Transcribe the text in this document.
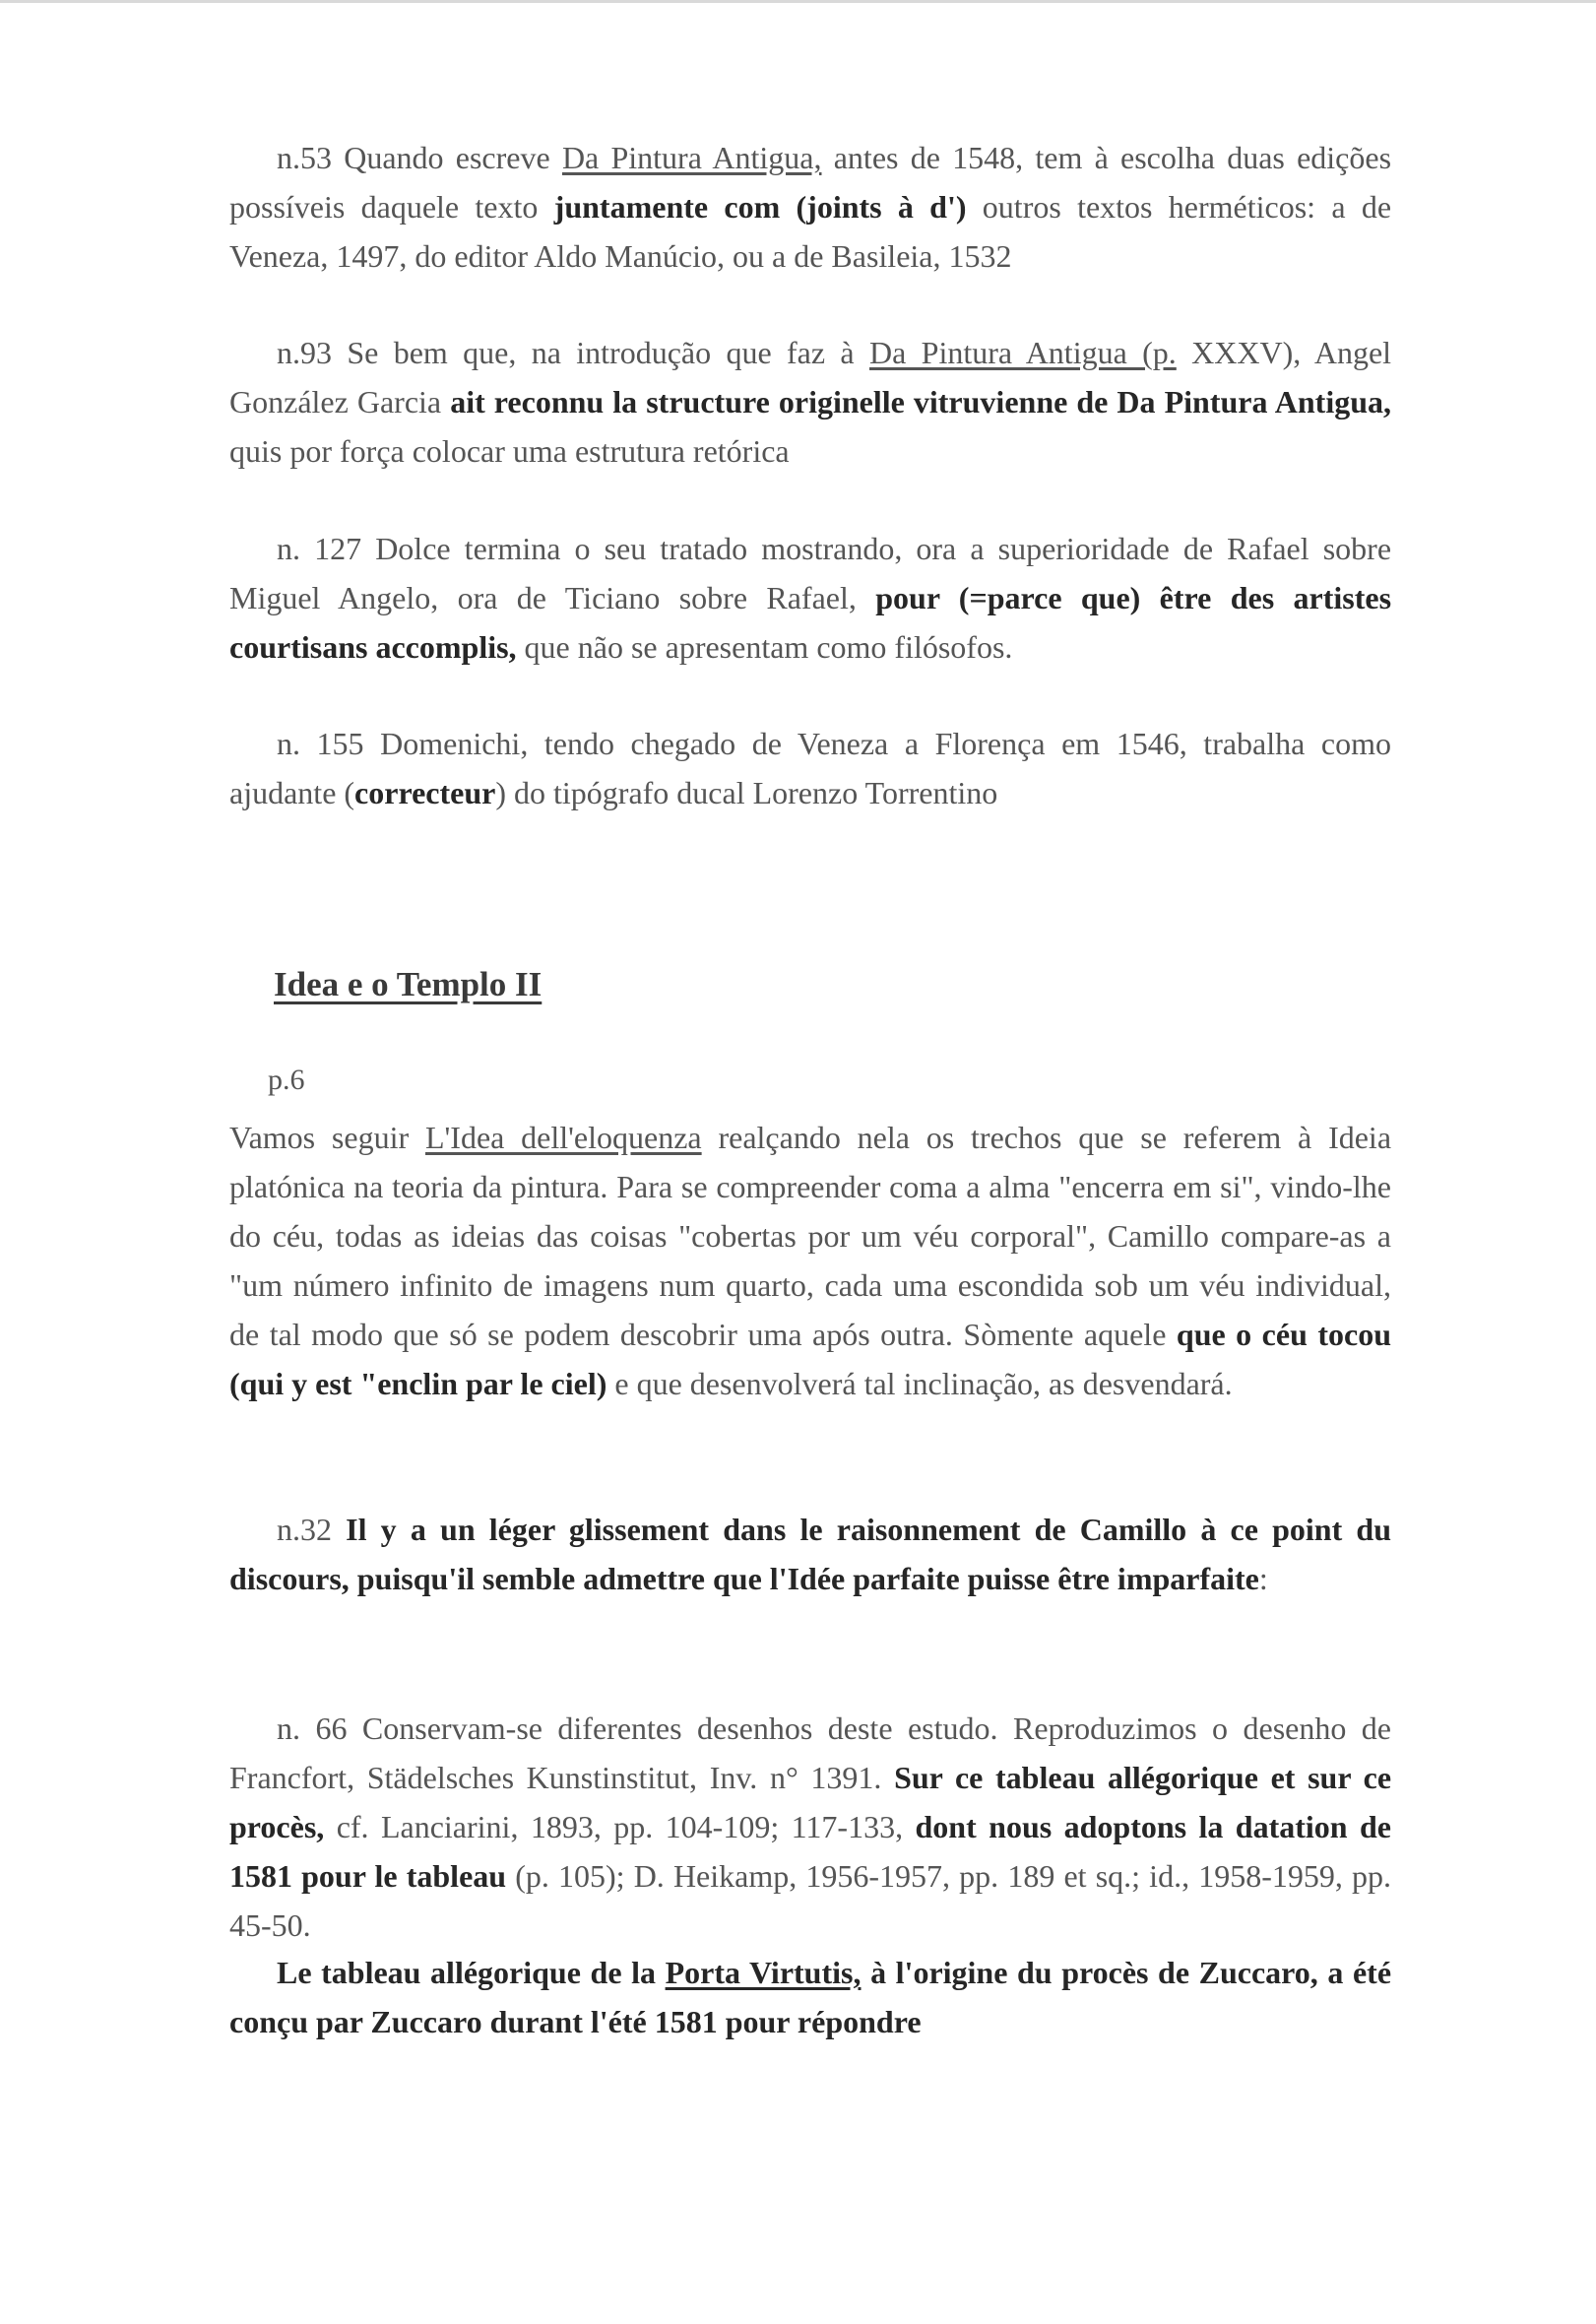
n.53 Quando escreve Da Pintura Antigua, antes de 1548, tem à escolha duas edições possíveis daquele texto juntamente com (joints à d') outros textos herméticos: a de Veneza, 1497, do editor Aldo Manúcio, ou a de Basileia, 1532

n.93 Se bem que, na introdução que faz à Da Pintura Antigua (p. XXXV), Angel González Garcia ait reconnu la structure originelle vitruvienne de Da Pintura Antigua, quis por força colocar uma estrutura retórica

n. 127 Dolce termina o seu tratado mostrando, ora a superioridade de Rafael sobre Miguel Angelo, ora de Ticiano sobre Rafael, pour (=parce que) être des artistes courtisans accomplis, que não se apresentam como filósofos.

n. 155 Domenichi, tendo chegado de Veneza a Florença em 1546, trabalha como ajudante (correcteur) do tipógrafo ducal Lorenzo Torrentino

Idea e o Templo II

p.6

Vamos seguir L'Idea dell'eloquenza realçando nela os trechos que se referem à Ideia platónica na teoria da pintura. Para se compreender coma a alma "encerra em si", vindo-lhe do céu, todas as ideias das coisas "cobertas por um véu corporal", Camillo compare-as a "um número infinito de imagens num quarto, cada uma escondida sob um véu individual, de tal modo que só se podem descobrir uma após outra. Sòmente aquele que o céu tocou (qui y est "enclin par le ciel) e que desenvolverá tal inclinação, as desvendará.

n.32 Il y a un léger glissement dans le raisonnement de Camillo à ce point du discours, puisqu'il semble admettre que l'Idée parfaite puisse être imparfaite:

n. 66 Conservam-se diferentes desenhos deste estudo. Reproduzimos o desenho de Francfort, Städelsches Kunstinstitut, Inv. n° 1391. Sur ce tableau allégorique et sur ce procès, cf. Lanciarini, 1893, pp. 104-109; 117-133, dont nous adoptons la datation de 1581 pour le tableau (p. 105); D. Heikamp, 1956-1957, pp. 189 et sq.; id., 1958-1959, pp. 45-50.

Le tableau allégorique de la Porta Virtutis, à l'origine du procès de Zuccaro, a été conçu par Zuccaro durant l'été 1581 pour répondre
